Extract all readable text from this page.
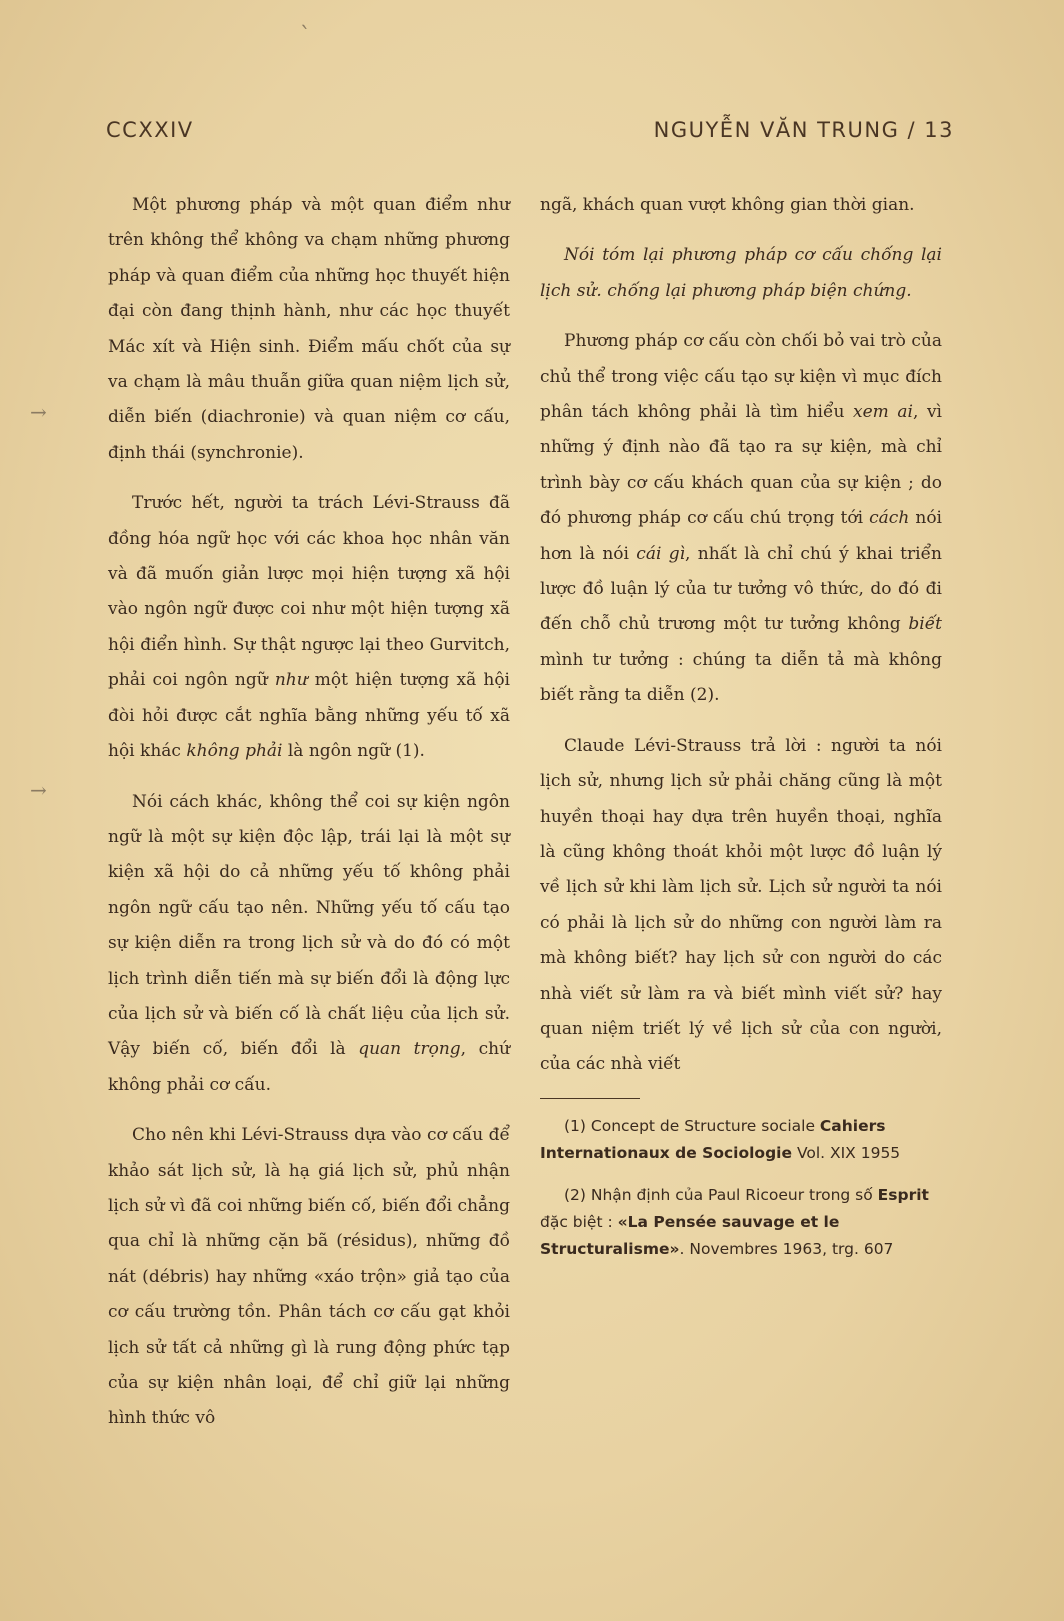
ˋ
→
→
CCXXIV	NGUYỄN VĂN TRUNG / 13

Một phương pháp và một quan điểm như trên không thể không va chạm những phương pháp và quan điểm của những học thuyết hiện đại còn đang thịnh hành, như các học thuyết Mác xít và Hiện sinh. Điểm mấu chốt của sự va chạm là mâu thuẫn giữa quan niệm lịch sử, diễn biến (diachronie) và quan niệm cơ cấu, định thái (synchronie).

Trước hết, người ta trách Lévi-Strauss đã đồng hóa ngữ học với các khoa học nhân văn và đã muốn giản lược mọi hiện tượng xã hội vào ngôn ngữ được coi như một hiện tượng xã hội điển hình. Sự thật ngược lại theo Gurvitch, phải coi ngôn ngữ như một hiện tượng xã hội đòi hỏi được cắt nghĩa bằng những yếu tố xã hội khác không phải là ngôn ngữ (1).

Nói cách khác, không thể coi sự kiện ngôn ngữ là một sự kiện độc lập, trái lại là một sự kiện xã hội do cả những yếu tố không phải ngôn ngữ cấu tạo nên. Những yếu tố cấu tạo sự kiện diễn ra trong lịch sử và do đó có một lịch trình diễn tiến mà sự biến đổi là động lực của lịch sử và biến cố là chất liệu của lịch sử. Vậy biến cố, biến đổi là quan trọng, chứ không phải cơ cấu.

Cho nên khi Lévi-Strauss dựa vào cơ cấu để khảo sát lịch sử, là hạ giá lịch sử, phủ nhận lịch sử vì đã coi những biến cố, biến đổi chẳng qua chỉ là những cặn bã (résidus), những đồ nát (débris) hay những «xáo trộn» giả tạo của cơ cấu trường tồn. Phân tách cơ cấu gạt khỏi lịch sử tất cả những gì là rung động phức tạp của sự kiện nhân loại, để chỉ giữ lại những hình thức vô

ngã, khách quan vượt không gian thời gian.

Nói tóm lại phương pháp cơ cấu chống lại lịch sử. chống lại phương pháp biện chứng.

Phương pháp cơ cấu còn chối bỏ vai trò của chủ thể trong việc cấu tạo sự kiện vì mục đích phân tách không phải là tìm hiểu xem ai, vì những ý định nào đã tạo ra sự kiện, mà chỉ trình bày cơ cấu khách quan của sự kiện ; do đó phương pháp cơ cấu chú trọng tới cách nói hơn là nói cái gì, nhất là chỉ chú ý khai triển lược đồ luận lý của tư tưởng vô thức, do đó đi đến chỗ chủ trương một tư tưởng không biết mình tư tưởng : chúng ta diễn tả mà không biết rằng ta diễn (2).

Claude Lévi-Strauss trả lời : người ta nói lịch sử, nhưng lịch sử phải chăng cũng là một huyền thoại hay dựa trên huyền thoại, nghĩa là cũng không thoát khỏi một lược đồ luận lý về lịch sử khi làm lịch sử. Lịch sử người ta nói có phải là lịch sử do những con người làm ra mà không biết? hay lịch sử con người do các nhà viết sử làm ra và biết mình viết sử? hay quan niệm triết lý về lịch sử của con người, của các nhà viết

(1) Concept de Structure sociale Cahiers Internationaux de Sociologie Vol. XIX 1955

(2) Nhận định của Paul Ricoeur trong số Esprit đặc biệt : «La Pensée sauvage et le Structuralisme». Novembres 1963, trg. 607
